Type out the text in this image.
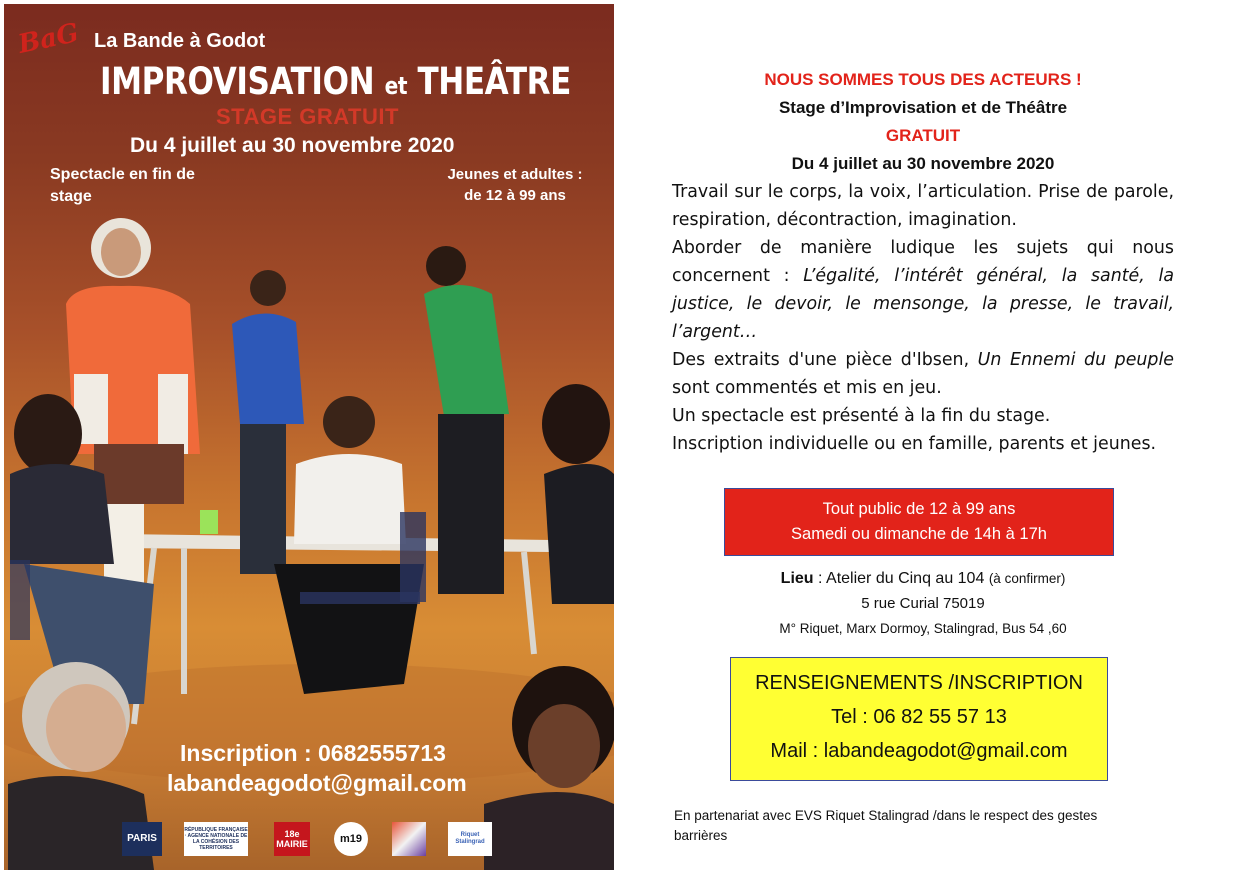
BaG La Bande à Godot
IMPROVISATION et THEÂTRE
STAGE GRATUIT
Du 4 juillet au 30 novembre 2020
Spectacle en fin de stage
Jeunes et adultes :
de 12 à 99 ans
Inscription : 0682555713
labandeagodot@gmail.com
PARIS
RÉPUBLIQUE FRANÇAISE · AGENCE NATIONALE DE LA COHÉSION DES TERRITOIRES
18e MAIRIE	m19	Riquet Stalingrad
NOUS SOMMES TOUS DES ACTEURS !
Stage d’Improvisation et de Théâtre
GRATUIT
Du 4 juillet au 30 novembre 2020

Travail sur le corps, la voix, l’articulation. Prise de parole, respiration, décontraction, imagination.

Aborder de manière ludique les sujets qui nous concernent : L’égalité, l’intérêt général, la santé, la justice, le devoir, le mensonge, la presse, le travail, l’argent…

Des extraits d'une pièce d'Ibsen, Un Ennemi du peuple sont commentés et mis en jeu.

Un spectacle est présenté à la fin du stage.

Inscription individuelle ou en famille, parents et jeunes.

Tout public de 12 à 99 ans
Samedi ou dimanche de 14h à 17h
Lieu : Atelier du Cinq au 104 (à confirmer)
5 rue Curial 75019
M° Riquet, Marx Dormoy, Stalingrad, Bus 54 ,60
RENSEIGNEMENTS /INSCRIPTION
Tel : 06 82 55 57 13
Mail : labandeagodot@gmail.com
En partenariat avec EVS Riquet Stalingrad /dans le respect des gestes barrières
